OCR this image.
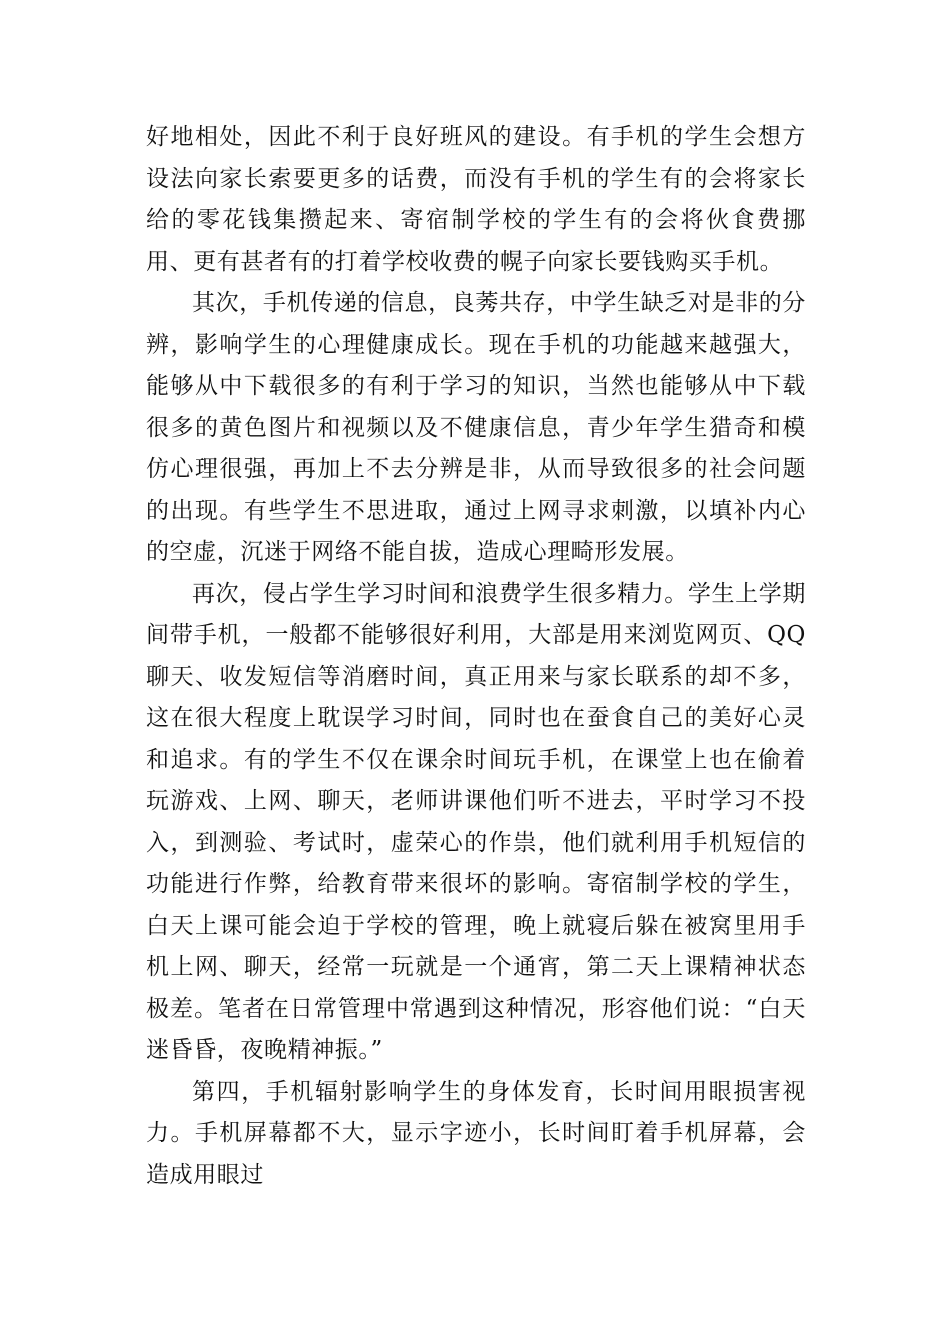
好地相处，因此不利于良好班风的建设。有手机的学生会想方设法向家长索要更多的话费，而没有手机的学生有的会将家长给的零花钱集攒起来、寄宿制学校的学生有的会将伙食费挪用、更有甚者有的打着学校收费的幌子向家长要钱购买手机。

其次，手机传递的信息，良莠共存，中学生缺乏对是非的分辨，影响学生的心理健康成长。现在手机的功能越来越强大，能够从中下载很多的有利于学习的知识，当然也能够从中下载很多的黄色图片和视频以及不健康信息，青少年学生猎奇和模仿心理很强，再加上不去分辨是非，从而导致很多的社会问题的出现。有些学生不思进取，通过上网寻求刺激，以填补内心的空虚，沉迷于网络不能自拔，造成心理畸形发展。

再次，侵占学生学习时间和浪费学生很多精力。学生上学期间带手机，一般都不能够很好利用，大部是用来浏览网页、QQ 聊天、收发短信等消磨时间，真正用来与家长联系的却不多，这在很大程度上耽误学习时间，同时也在蚕食自己的美好心灵和追求。有的学生不仅在课余时间玩手机，在课堂上也在偷着玩游戏、上网、聊天，老师讲课他们听不进去，平时学习不投入，到测验、考试时，虚荣心的作祟，他们就利用手机短信的功能进行作弊，给教育带来很坏的影响。寄宿制学校的学生，白天上课可能会迫于学校的管理，晚上就寝后躲在被窝里用手机上网、聊天，经常一玩就是一个通宵，第二天上课精神状态极差。笔者在日常管理中常遇到这种情况，形容他们说：“白天迷昏昏，夜晚精神振。”

第四，手机辐射影响学生的身体发育，长时间用眼损害视力。手机屏幕都不大，显示字迹小，长时间盯着手机屏幕，会造成用眼过
